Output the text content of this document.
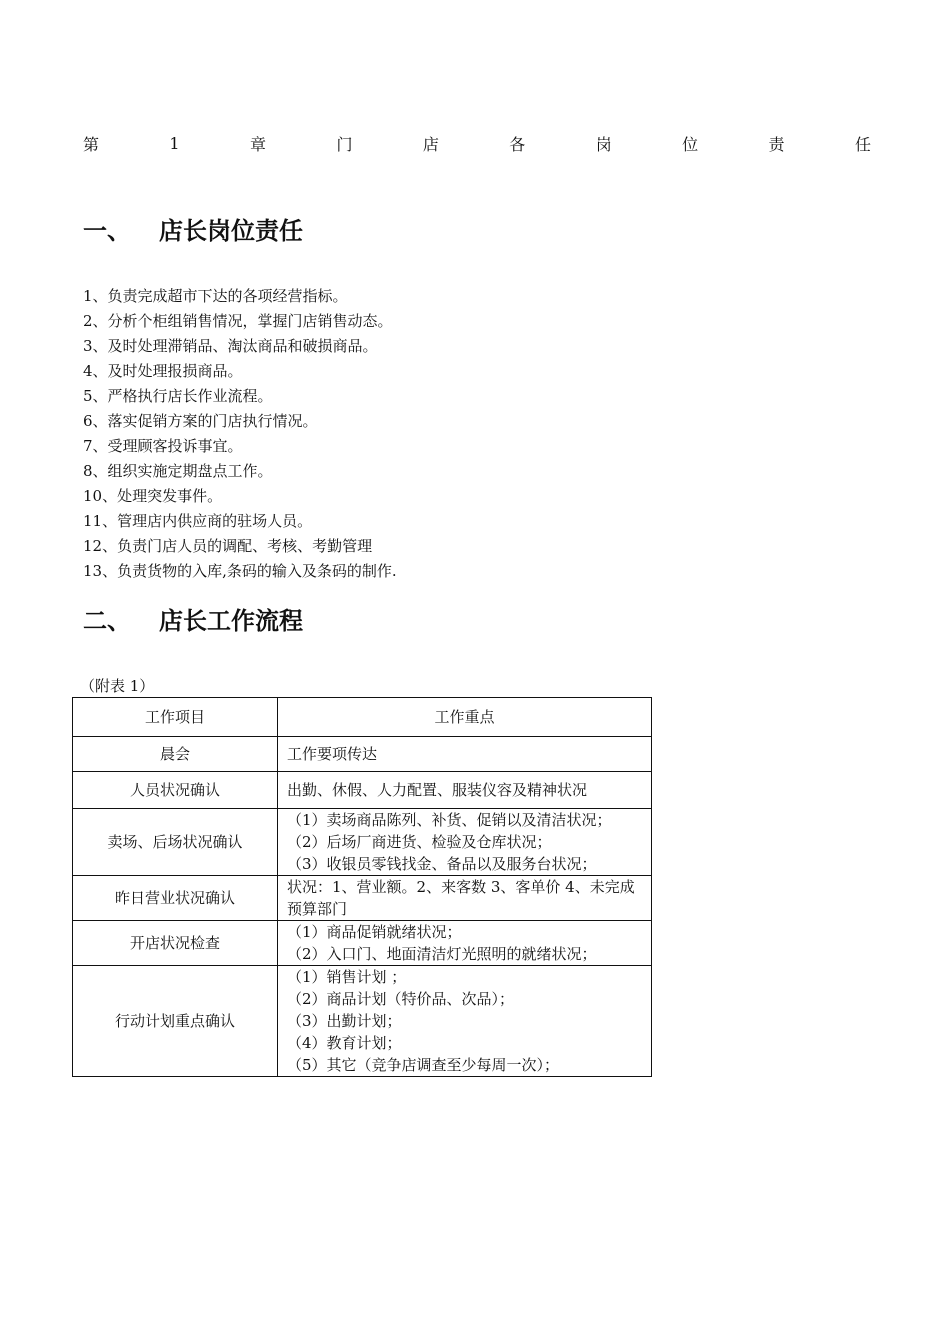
第	1	章	门	店	各	岗	位	责	任
一、 店长岗位责任
1、负责完成超市下达的各项经营指标。
2、分析个柜组销售情况，掌握门店销售动态。
3、及时处理滞销品、淘汰商品和破损商品。
4、及时处理报损商品。
5、严格执行店长作业流程。
6、落实促销方案的门店执行情况。
7、受理顾客投诉事宜。
8、组织实施定期盘点工作。
10、处理突发事件。
11、管理店内供应商的驻场人员。
12、负责门店人员的调配、考核、考勤管理
13、负责货物的入库,条码的输入及条码的制作.
二、 店长工作流程
（附表 1）
工作项目	工作重点
晨会	工作要项传达

人员状况确认	出勤、休假、人力配置、服装仪容及精神状况

卖场、后场状况确认	（1）卖场商品陈列、补货、促销以及清洁状况；
（2）后场厂商进货、检验及仓库状况；
（3）收银员零钱找金、备品以及服务台状况；

昨日营业状况确认	状况：1、营业额。2、来客数 3、客单价 4、未完成预算部门

开店状况检查	（1）商品促销就绪状况；
（2）入口门、地面清洁灯光照明的就绪状况；

行动计划重点确认	（1）销售计划 ；
（2）商品计划（特价品、次品）；
（3）出勤计划；
（4）教育计划；
（5）其它（竞争店调查至少每周一次）；
